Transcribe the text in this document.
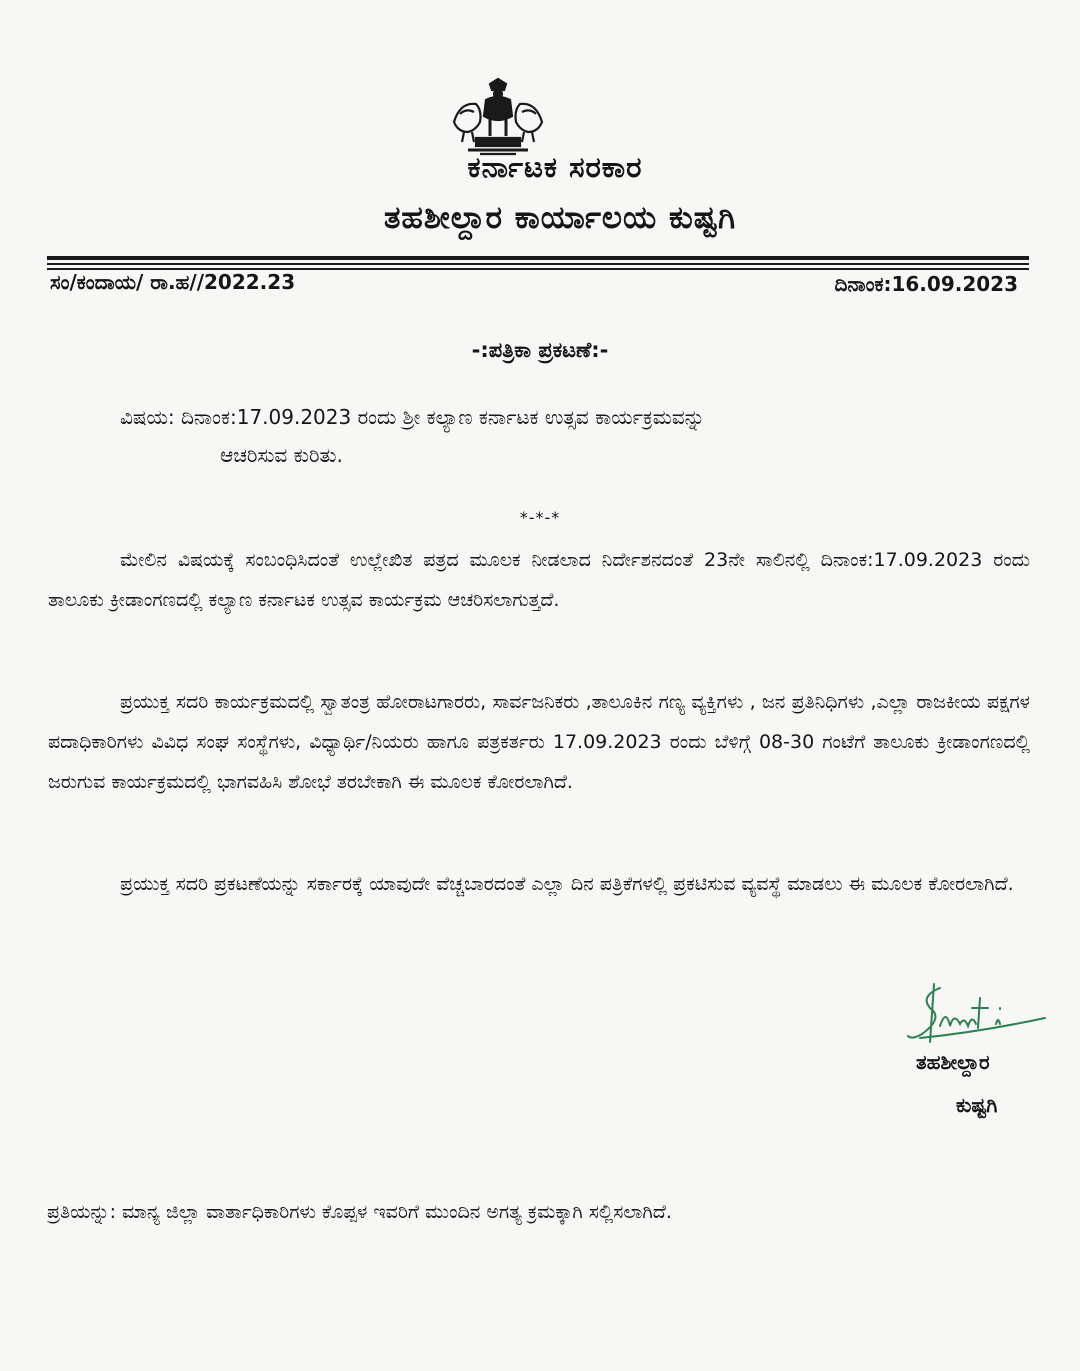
ಕರ್ನಾಟಕ ಸರಕಾರ
ತಹಶೀಲ್ದಾರ ಕಾರ್ಯಾಲಯ ಕುಷ್ಟಗಿ
ಸಂ/ಕಂದಾಯ/ ರಾ.ಹ//2022.23	ದಿನಾಂಕ:16.09.2023
-:ಪತ್ರಿಕಾ ಪ್ರಕಟಣೆ:-
ವಿಷಯ: ದಿನಾಂಕ:17.09.2023 ರಂದು ಶ್ರೀ ಕಲ್ಯಾಣ ಕರ್ನಾಟಕ ಉತ್ಸವ ಕಾರ್ಯಕ್ರಮವನ್ನು
ಆಚರಿಸುವ ಕುರಿತು.
*-*-*

ಮೇಲಿನ ವಿಷಯಕ್ಕೆ ಸಂಬಂಧಿಸಿದಂತೆ ಉಲ್ಲೇಖಿತ ಪತ್ರದ ಮೂಲಕ ನೀಡಲಾದ ನಿರ್ದೇಶನದಂತೆ 23ನೇ ಸಾಲಿನಲ್ಲಿ ದಿನಾಂಕ:17.09.2023 ರಂದು ತಾಲೂಕು ಕ್ರೀಡಾಂಗಣದಲ್ಲಿ ಕಲ್ಯಾಣ ಕರ್ನಾಟಕ ಉತ್ಸವ ಕಾರ್ಯಕ್ರಮ ಆಚರಿಸಲಾಗುತ್ತದೆ.

ಪ್ರಯುಕ್ತ ಸದರಿ ಕಾರ್ಯಕ್ರಮದಲ್ಲಿ ಸ್ವಾತಂತ್ರ ಹೋರಾಟಗಾರರು, ಸಾರ್ವಜನಿಕರು ,ತಾಲೂಕಿನ ಗಣ್ಯ ವ್ಯಕ್ತಿಗಳು , ಜನ ಪ್ರತಿನಿಧಿಗಳು ,ಎಲ್ಲಾ ರಾಜಕೀಯ ಪಕ್ಷಗಳ ಪದಾಧಿಕಾರಿಗಳು ವಿವಿಧ ಸಂಘ ಸಂಸ್ಥೆಗಳು, ವಿಧ್ಯಾರ್ಥಿ/ನಿಯರು ಹಾಗೂ ಪತ್ರಕರ್ತರು 17.09.2023 ರಂದು ಬೆಳಿಗ್ಗೆ 08-30 ಗಂಟೆಗೆ ತಾಲೂಕು ಕ್ರೀಡಾಂಗಣದಲ್ಲಿ ಜರುಗುವ ಕಾರ್ಯಕ್ರಮದಲ್ಲಿ ಭಾಗವಹಿಸಿ ಶೋಭೆ ತರಬೇಕಾಗಿ ಈ ಮೂಲಕ ಕೋರಲಾಗಿದೆ.

ಪ್ರಯುಕ್ತ ಸದರಿ ಪ್ರಕಟಣೆಯನ್ನು ಸರ್ಕಾರಕ್ಕೆ ಯಾವುದೇ ವೆಚ್ಚಬಾರದಂತೆ ಎಲ್ಲಾ ದಿನ ಪತ್ರಿಕೆಗಳಲ್ಲಿ ಪ್ರಕಟಿಸುವ ವ್ಯವಸ್ಥೆ ಮಾಡಲು ಈ ಮೂಲಕ ಕೋರಲಾಗಿದೆ.

ತಹಶೀಲ್ದಾರ
ಕುಷ್ಟಗಿ
ಪ್ರತಿಯನ್ನು: ಮಾನ್ಯ ಜಿಲ್ಲಾ ವಾರ್ತಾಧಿಕಾರಿಗಳು ಕೊಪ್ಪಳ ಇವರಿಗೆ ಮುಂದಿನ ಅಗತ್ಯ ಕ್ರಮಕ್ಕಾಗಿ ಸಲ್ಲಿಸಲಾಗಿದೆ.
